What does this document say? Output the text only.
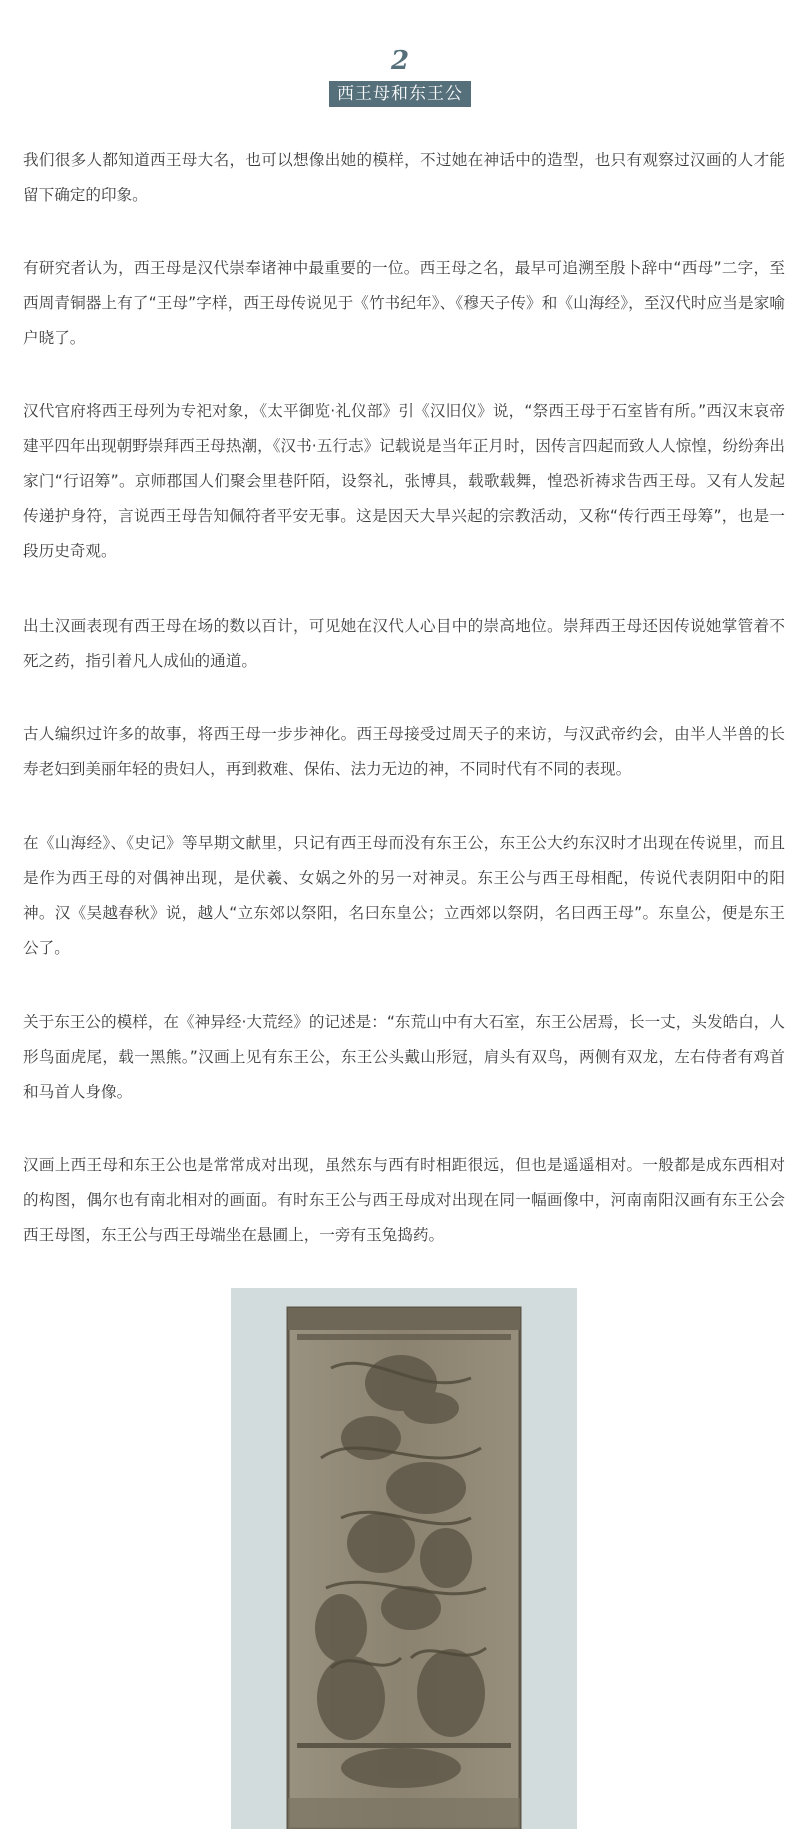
2
西王母和东王公

我们很多人都知道西王母大名，也可以想像出她的模样，不过她在神话中的造型，也只有观察过汉画的人才能留下确定的印象。

有研究者认为，西王母是汉代崇奉诸神中最重要的一位。西王母之名，最早可追溯至殷卜辞中“西母”二字，至西周青铜器上有了“王母”字样，西王母传说见于《竹书纪年》、《穆天子传》和《山海经》，至汉代时应当是家喻户晓了。

汉代官府将西王母列为专祀对象，《太平御览·礼仪部》引《汉旧仪》说，“祭西王母于石室皆有所。”西汉末哀帝建平四年出现朝野崇拜西王母热潮，《汉书·五行志》记载说是当年正月时，因传言四起而致人人惊惶，纷纷奔出家门“行诏筹”。京师郡国人们聚会里巷阡陌，设祭礼，张博具，载歌载舞，惶恐祈祷求告西王母。又有人发起传递护身符，言说西王母告知佩符者平安无事。这是因天大旱兴起的宗教活动，又称“传行西王母筹”，也是一段历史奇观。

出土汉画表现有西王母在场的数以百计，可见她在汉代人心目中的崇高地位。崇拜西王母还因传说她掌管着不死之药，指引着凡人成仙的通道。

古人编织过许多的故事，将西王母一步步神化。西王母接受过周天子的来访，与汉武帝约会，由半人半兽的长寿老妇到美丽年轻的贵妇人，再到救难、保佑、法力无边的神，不同时代有不同的表现。

在《山海经》、《史记》等早期文献里，只记有西王母而没有东王公，东王公大约东汉时才出现在传说里，而且是作为西王母的对偶神出现，是伏羲、女娲之外的另一对神灵。东王公与西王母相配，传说代表阴阳中的阳神。汉《吴越春秋》说，越人“立东郊以祭阳，名曰东皇公；立西郊以祭阴，名曰西王母”。东皇公，便是东王公了。

关于东王公的模样，在《神异经·大荒经》的记述是：“东荒山中有大石室，东王公居焉，长一丈，头发皓白，人形鸟面虎尾，载一黑熊。”汉画上见有东王公，东王公头戴山形冠，肩头有双鸟，两侧有双龙，左右侍者有鸡首和马首人身像。

汉画上西王母和东王公也是常常成对出现，虽然东与西有时相距很远，但也是遥遥相对。一般都是成东西相对的构图，偶尔也有南北相对的画面。有时东王公与西王母成对出现在同一幅画像中，河南南阳汉画有东王公会西王母图，东王公与西王母端坐在悬圃上，一旁有玉兔捣药。
